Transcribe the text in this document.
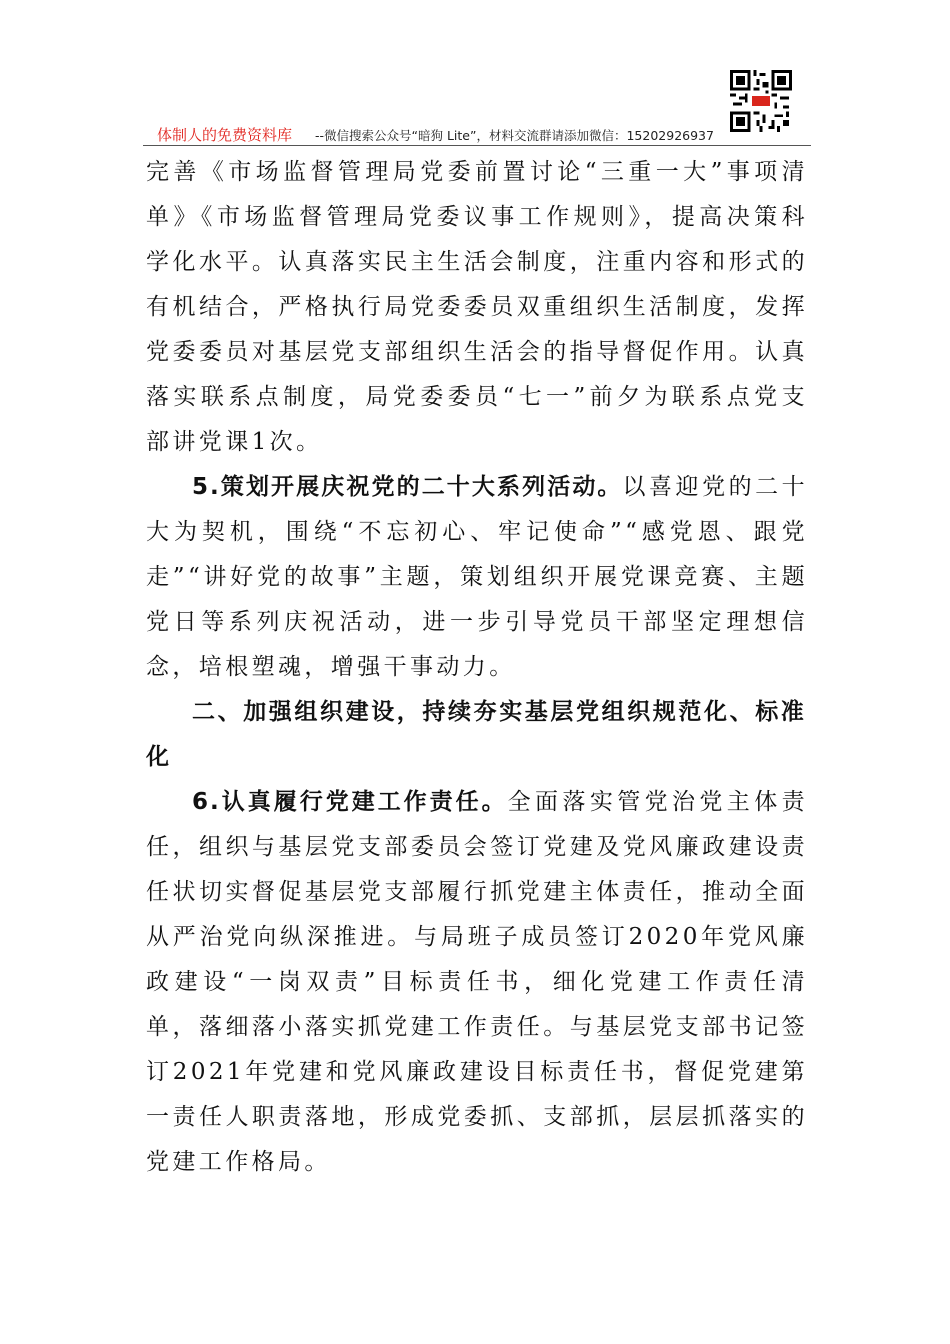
体制人的免费资料库 --微信搜索公众号“暗狗 Lite”，材料交流群请添加微信：15202926937

完善《市场监督管理局党委前置讨论“三重一大”事项清单》《市场监督管理局党委议事工作规则》，提高决策科学化水平。认真落实民主生活会制度，注重内容和形式的有机结合，严格执行局党委委员双重组织生活制度，发挥党委委员对基层党支部组织生活会的指导督促作用。认真落实联系点制度，局党委委员“七一”前夕为联系点党支部讲党课1次。

5.策划开展庆祝党的二十大系列活动。以喜迎党的二十大为契机，围绕“不忘初心、牢记使命”“感党恩、跟党走”“讲好党的故事”主题，策划组织开展党课竞赛、主题党日等系列庆祝活动，进一步引导党员干部坚定理想信念，培根塑魂，增强干事动力。

二、加强组织建设，持续夯实基层党组织规范化、标准化

6.认真履行党建工作责任。全面落实管党治党主体责任，组织与基层党支部委员会签订党建及党风廉政建设责任状切实督促基层党支部履行抓党建主体责任，推动全面从严治党向纵深推进。与局班子成员签订2020年党风廉政建设“一岗双责”目标责任书，细化党建工作责任清单，落细落小落实抓党建工作责任。与基层党支部书记签订2021年党建和党风廉政建设目标责任书，督促党建第一责任人职责落地，形成党委抓、支部抓，层层抓落实的党建工作格局。
